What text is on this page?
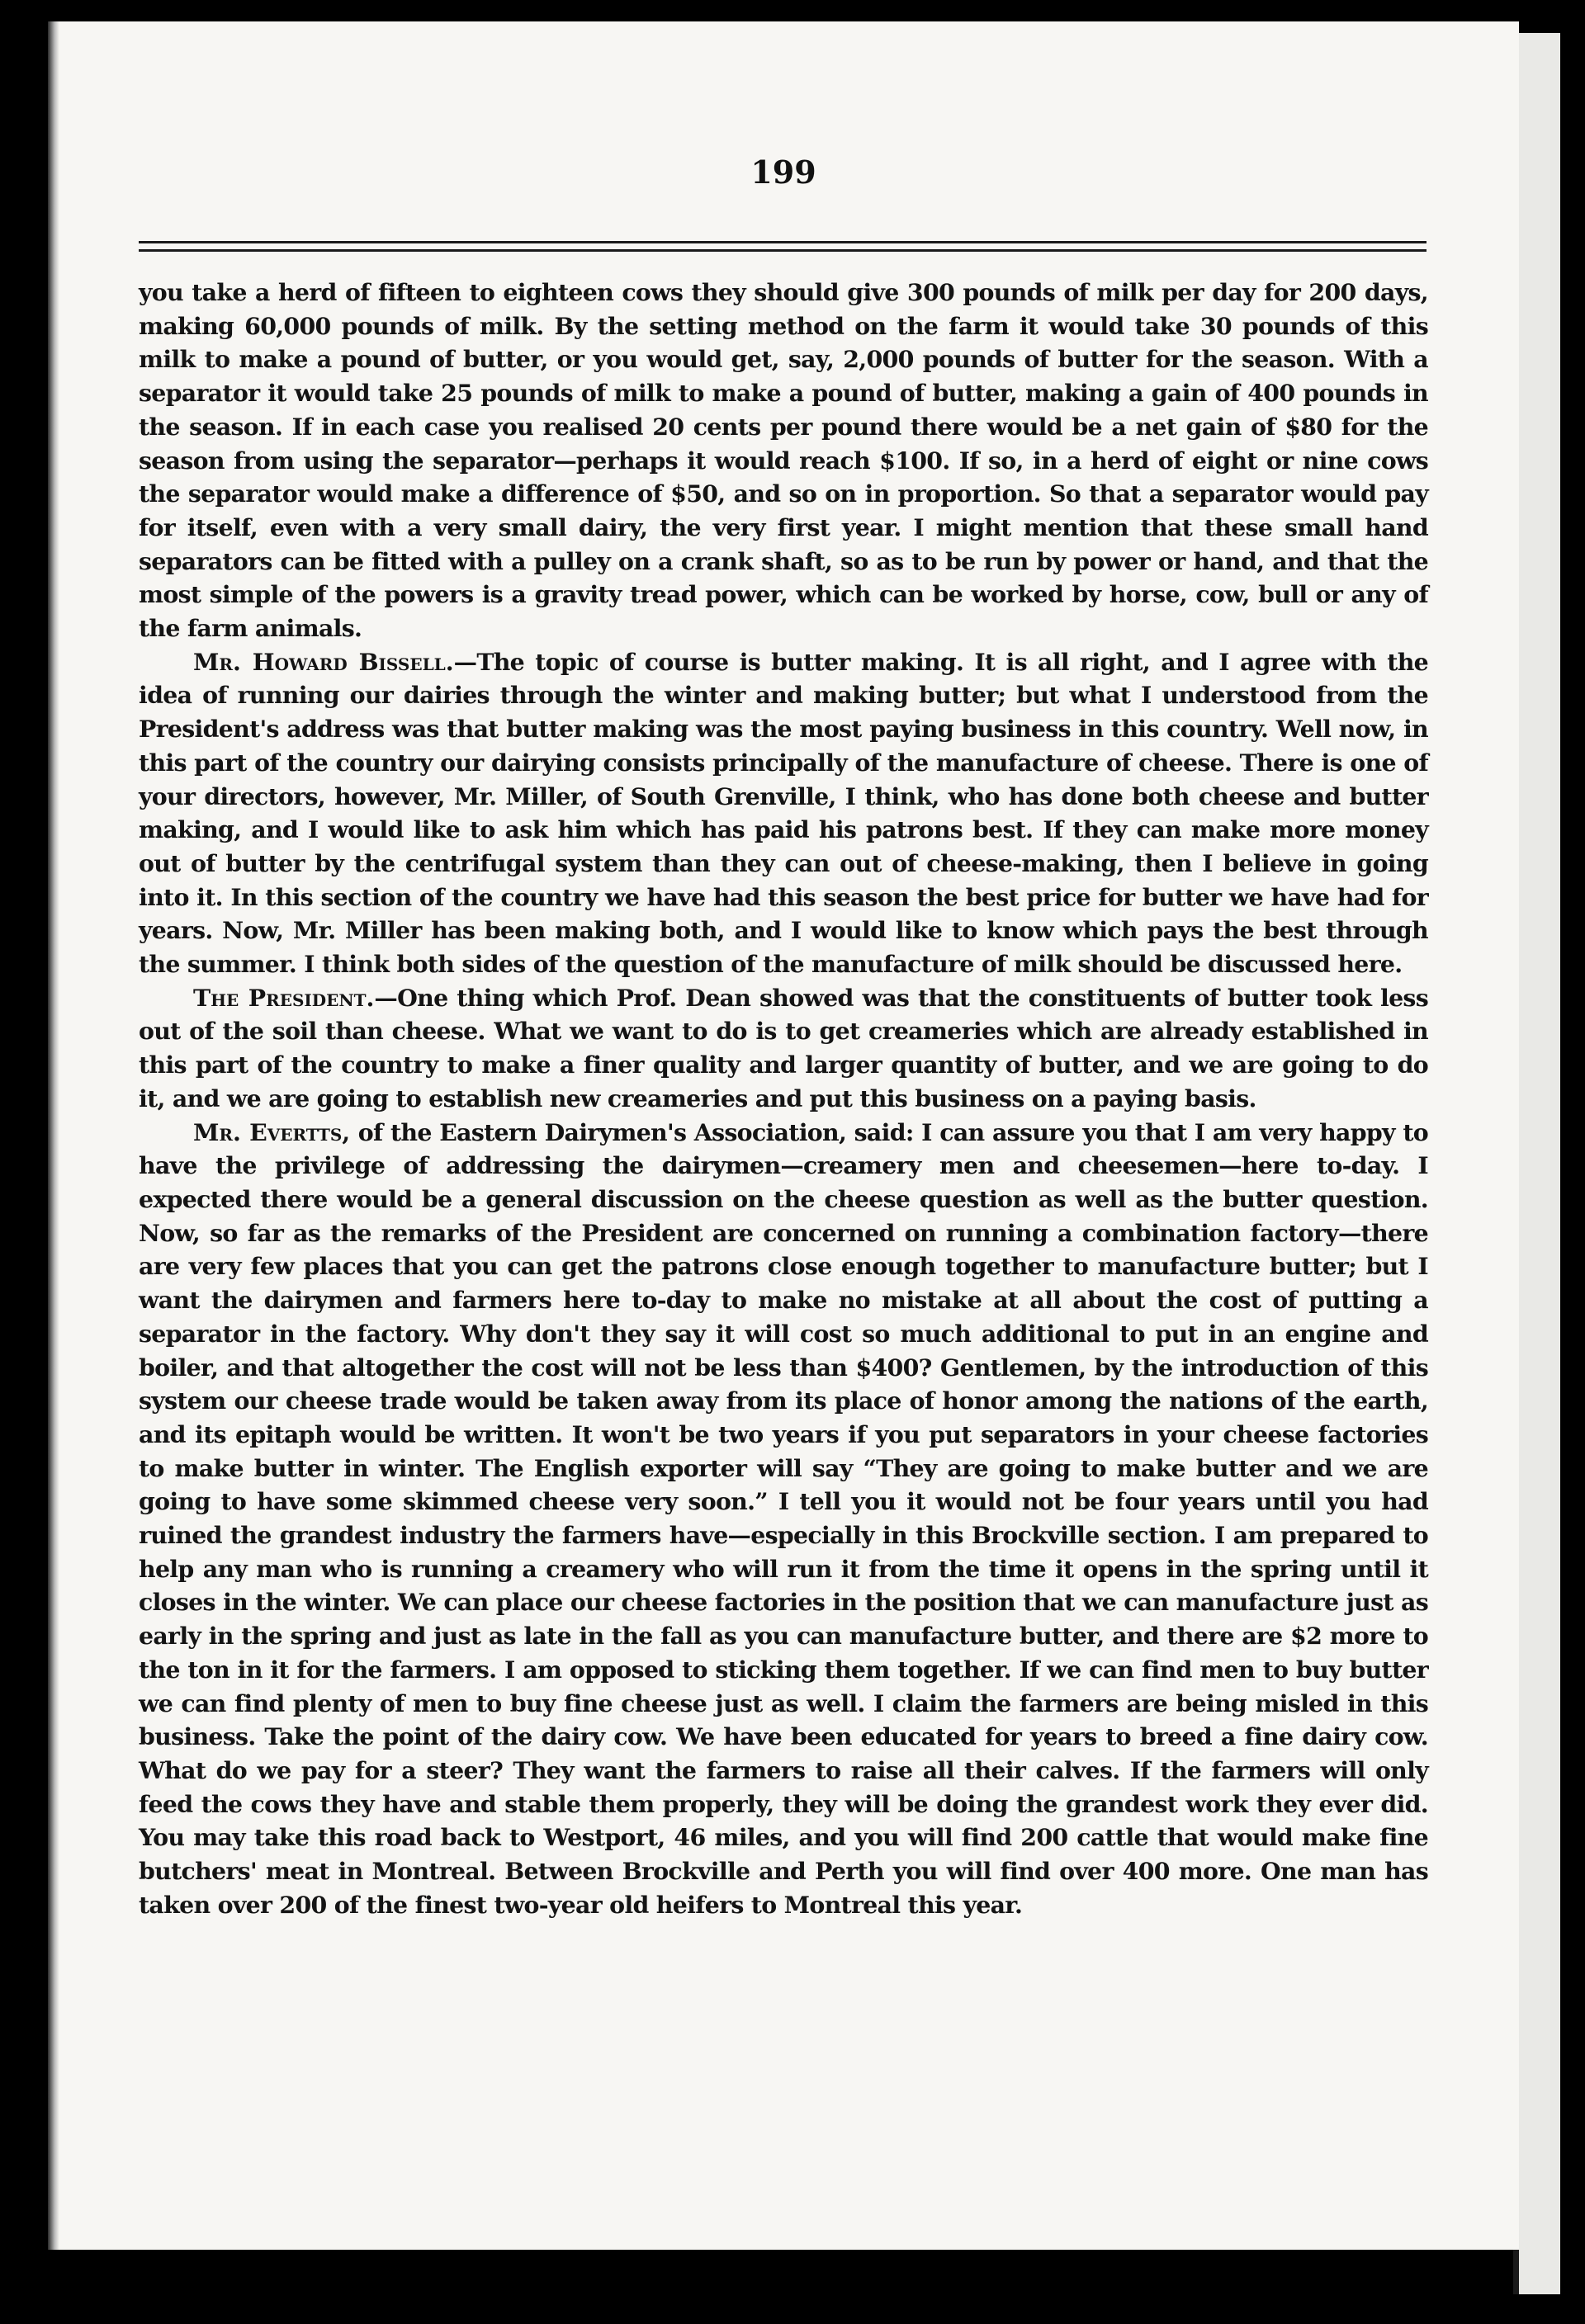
199

you take a herd of fifteen to eighteen cows they should give 300 pounds of milk per day for 200 days, making 60,000 pounds of milk. By the setting method on the farm it would take 30 pounds of this milk to make a pound of butter, or you would get, say, 2,000 pounds of butter for the season. With a separator it would take 25 pounds of milk to make a pound of butter, making a gain of 400 pounds in the season. If in each case you realised 20 cents per pound there would be a net gain of $80 for the season from using the separator—perhaps it would reach $100. If so, in a herd of eight or nine cows the separator would make a difference of $50, and so on in proportion. So that a separator would pay for itself, even with a very small dairy, the very first year. I might mention that these small hand separators can be fitted with a pulley on a crank shaft, so as to be run by power or hand, and that the most simple of the powers is a gravity tread power, which can be worked by horse, cow, bull or any of the farm animals.

Mr. Howard Bissell.—The topic of course is butter making. It is all right, and I agree with the idea of running our dairies through the winter and making butter; but what I understood from the President's address was that butter making was the most paying business in this country. Well now, in this part of the country our dairying consists principally of the manufacture of cheese. There is one of your directors, however, Mr. Miller, of South Grenville, I think, who has done both cheese and butter making, and I would like to ask him which has paid his patrons best. If they can make more money out of butter by the centrifugal system than they can out of cheese-making, then I believe in going into it. In this section of the country we have had this season the best price for butter we have had for years. Now, Mr. Miller has been making both, and I would like to know which pays the best through the summer. I think both sides of the question of the manufacture of milk should be discussed here.

The President.—One thing which Prof. Dean showed was that the constituents of butter took less out of the soil than cheese. What we want to do is to get creameries which are already established in this part of the country to make a finer quality and larger quantity of butter, and we are going to do it, and we are going to establish new creameries and put this business on a paying basis.

Mr. Evertts, of the Eastern Dairymen's Association, said: I can assure you that I am very happy to have the privilege of addressing the dairymen—creamery men and cheesemen—here to-day. I expected there would be a general discussion on the cheese question as well as the butter question. Now, so far as the remarks of the President are concerned on running a combination factory—there are very few places that you can get the patrons close enough together to manufacture butter; but I want the dairymen and farmers here to-day to make no mistake at all about the cost of putting a separator in the factory. Why don't they say it will cost so much additional to put in an engine and boiler, and that altogether the cost will not be less than $400? Gentlemen, by the introduction of this system our cheese trade would be taken away from its place of honor among the nations of the earth, and its epitaph would be written. It won't be two years if you put separators in your cheese factories to make butter in winter. The English exporter will say “They are going to make butter and we are going to have some skimmed cheese very soon.” I tell you it would not be four years until you had ruined the grandest industry the farmers have—especially in this Brockville section. I am prepared to help any man who is running a creamery who will run it from the time it opens in the spring until it closes in the winter. We can place our cheese factories in the position that we can manufacture just as early in the spring and just as late in the fall as you can manufacture butter, and there are $2 more to the ton in it for the farmers. I am opposed to sticking them together. If we can find men to buy butter we can find plenty of men to buy fine cheese just as well. I claim the farmers are being misled in this business. Take the point of the dairy cow. We have been educated for years to breed a fine dairy cow. What do we pay for a steer? They want the farmers to raise all their calves. If the farmers will only feed the cows they have and stable them properly, they will be doing the grandest work they ever did. You may take this road back to Westport, 46 miles, and you will find 200 cattle that would make fine butchers' meat in Montreal. Between Brockville and Perth you will find over 400 more. One man has taken over 200 of the finest two-year old heifers to Montreal this year.
